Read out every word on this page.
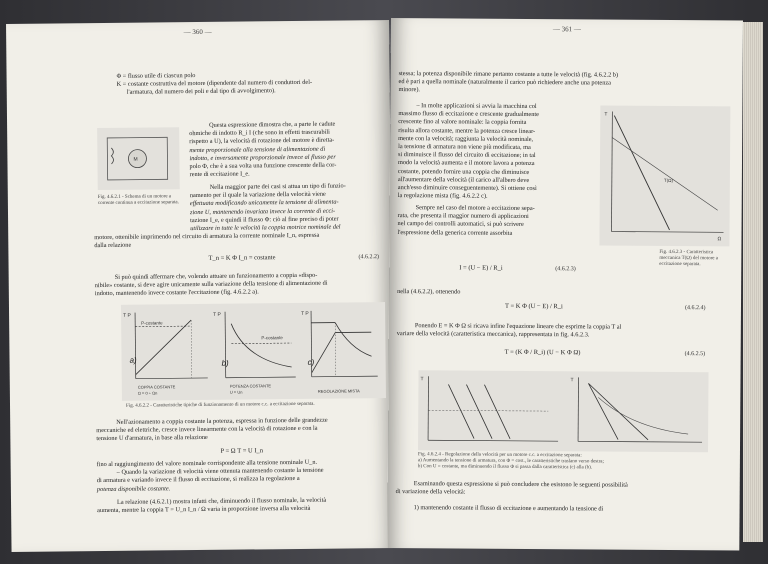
— 360 —

Φ = flusso utile di ciascun polo

K = costante costruttiva del motore (dipendente dal numero di conduttori del-

l'armatura, dal numero dei poli e dal tipo di avvolgimento).

M
Fig. 4.6.2.1 - Schema di un motore a corrente continua a eccitazione separata.

Questa espressione dimostra che, a parte le cadute

ohmiche di indotto R_i I (che sono in effetti trascurabili

rispetto a U), la velocità di rotazione del motore è diretta-

mente proporzionale alla tensione di alimentazione di

indotto, e inversamente proporzionale invece al flusso per

polo Φ, che è a sua volta una funzione crescente della cor-

rente di eccitazione I_e.

Nella maggior parte dei casi si attua un tipo di funzio-

namento per il quale la variazione della velocità viene

effettuata modificando unicamente la tensione di alimenta-

zione U, mantenendo invariata invece la corrente di ecci-

tazione I_e, e quindi il flusso Φ: ciò al fine preciso di poter

utilizzare in tutte le velocità la coppia motrice nominale del

motore, ottenibile imprimendo nel circuito di armatura la corrente nominale I_n, espressa

dalla relazione

T_n = K Φ I_n = costante	(4.6.2.2)

Si può quindi affermare che, volendo attuare un funzionamento a coppia «dispo-

nibile» costante, si deve agire unicamente sulla variazione della tensione di alimentazione di

indotto, mantenendo invece costante l'eccitazione (fig. 4.6.2.2 a).

P-costante
COPPIA COSTANTE
Ω = 0 ÷ Ωn
T P
a)
P-costante
POTENZA COSTANTE
U = Un
T P
b)
REGOLAZIONE MISTA
T P
c)
Fig. 4.6.2.2 - Caratteristiche tipiche di funzionamento di un motore c.c. a eccitazione separata.

Nell'azionamento a coppia costante la potenza, espressa in funzione delle grandezze

meccaniche ed elettriche, cresce invece linearmente con la velocità di rotazione e con la

tensione U d'armatura, in base alla relazione

P = Ω T = U I_n

fino al raggiungimento del valore nominale corrispondente alla tensione nominale U_n.

– Quando la variazione di velocità viene ottenuta mantenendo costante la tensione

di armatura e variando invece il flusso di eccitazione, si realizza la regolazione a

potenza disponibile costante.

La relazione (4.6.2.1) mostra infatti che, diminuendo il flusso nominale, la velocità

aumenta, mentre la coppia T = U_n I_n / Ω varia in proporzione inversa alla velocità

— 361 —

stessa; la potenza disponibile rimane pertanto costante a tutte le velocità (fig. 4.6.2.2 b)

ed è pari a quella nominale (naturalmente il carico può richiedere anche una potenza

minore).

– In molte applicazioni si avvia la macchina col

massimo flusso di eccitazione e crescente gradualmente

crescente fino al valore nominale: la coppia fornita

risulta allora costante, mentre la potenza cresce linear-

mente con la velocità; raggiunta la velocità nominale,

la tensione di armatura non viene più modificata, ma

si diminuisce il flusso del circuito di eccitazione; in tal

modo la velocità aumenta e il motore lavora a potenza

costante, potendo fornire una coppia che diminuisce

all'aumentare della velocità (il carico all'albero deve

anch'esso diminuire conseguentemente). Si ottiene così

la regolazione mista (fig. 4.6.2.2 c).

Sempre nel caso del motore a eccitazione sepa-

rata, che presenta il maggior numero di applicazioni

nel campo dei controlli automatici, si può scrivere

l'espressione della generica corrente assorbita

T
Ω
T(Ω)
Fig. 4.6.2.3 - Caratteristica meccanica T(Ω) del motore a eccitazione separata.
I = (U − E) / R_i	(4.6.2.3)
nella (4.6.2.2), ottenendo
T = K Φ (U − E) / R_i	(4.6.2.4)

Ponendo E = K Φ Ω si ricava infine l'equazione lineare che esprime la coppia T al

variare della velocità (caratteristica meccanica), rappresentata in fig. 4.6.2.3.

T = (K Φ / R_i) (U − K Φ Ω)	(4.6.2.5)
T	T

Fig. 4.6.2.4 - Regolazione della velocità per un motore c.c. a eccitazione separata:

a) Aumentando la tensione di armatura, con Φ = cost., le caratteristiche traslano verso destra;

b) Con U = costante, ma diminuendo il flusso Φ si passa dalla caratteristica (c) alla (b).

Esaminando questa espressione si può concludere che esistono le seguenti possibilità

di variazione della velocità:

1) mantenendo costante il flusso di eccitazione e aumentando la tensione di
